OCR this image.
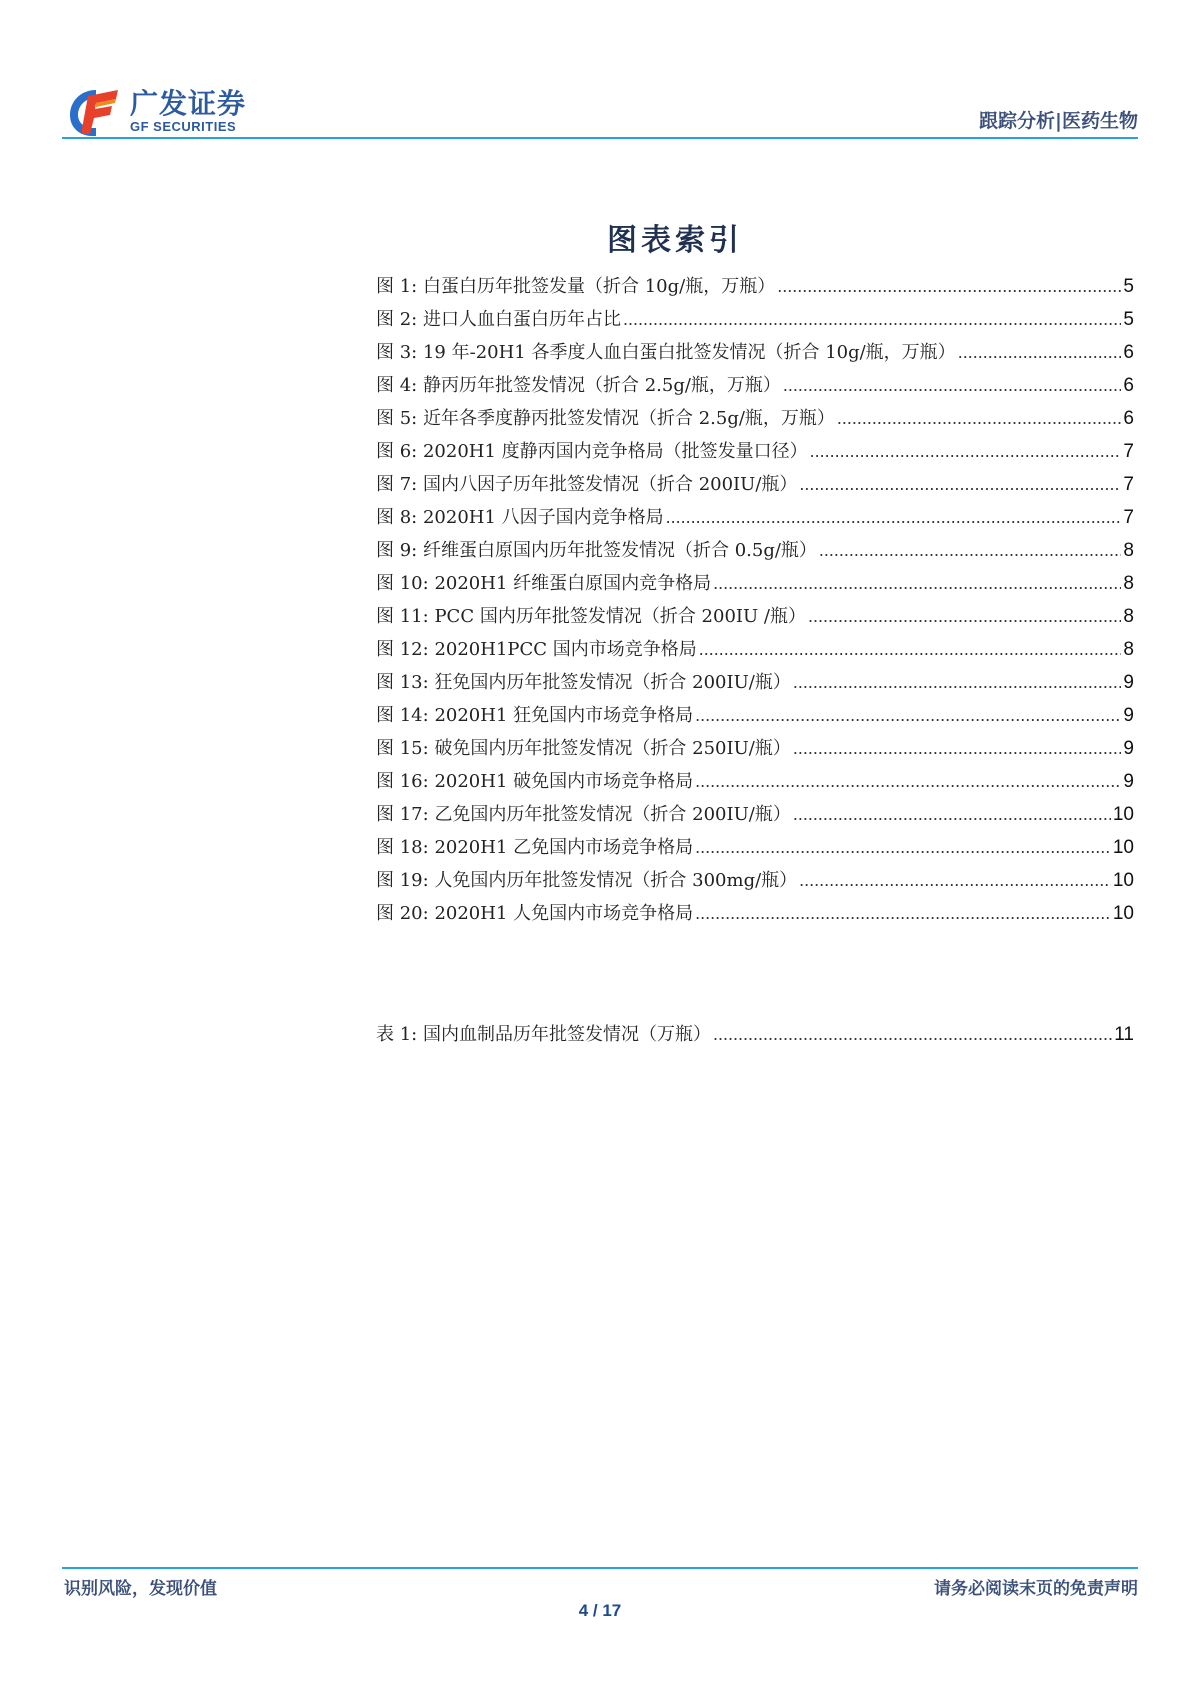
广发证券
GF SECURITIES	跟踪分析|医药生物
图表索引
图 1: 白蛋白历年批签发量（折合 10g/瓶，万瓶） .....	5
图 2: 进口人血白蛋白历年占比 .....	5
图 3: 19 年-20H1 各季度人血白蛋白批签发情况（折合 10g/瓶，万瓶） .....	6
图 4: 静丙历年批签发情况（折合 2.5g/瓶，万瓶） .....	6
图 5: 近年各季度静丙批签发情况（折合 2.5g/瓶，万瓶） .....	6
图 6: 2020H1 度静丙国内竞争格局（批签发量口径） .....	7
图 7: 国内八因子历年批签发情况（折合 200IU/瓶） .....	7
图 8: 2020H1 八因子国内竞争格局 .....	7
图 9: 纤维蛋白原国内历年批签发情况（折合 0.5g/瓶） .....	8
图 10: 2020H1 纤维蛋白原国内竞争格局 .....	8
图 11: PCC 国内历年批签发情况（折合 200IU /瓶） .....	8
图 12: 2020H1PCC 国内市场竞争格局 .....	8
图 13: 狂免国内历年批签发情况（折合 200IU/瓶） .....	9
图 14: 2020H1 狂免国内市场竞争格局 .....	9
图 15: 破免国内历年批签发情况（折合 250IU/瓶） .....	9
图 16: 2020H1 破免国内市场竞争格局 .....	9
图 17: 乙免国内历年批签发情况（折合 200IU/瓶） .....	10
图 18: 2020H1 乙免国内市场竞争格局 .....	10
图 19: 人免国内历年批签发情况（折合 300mg/瓶） .....	10
图 20: 2020H1 人免国内市场竞争格局 .....	10
表 1: 国内血制品历年批签发情况（万瓶） .....	11
识别风险，发现价值	请务必阅读末页的免责声明
4 / 17
